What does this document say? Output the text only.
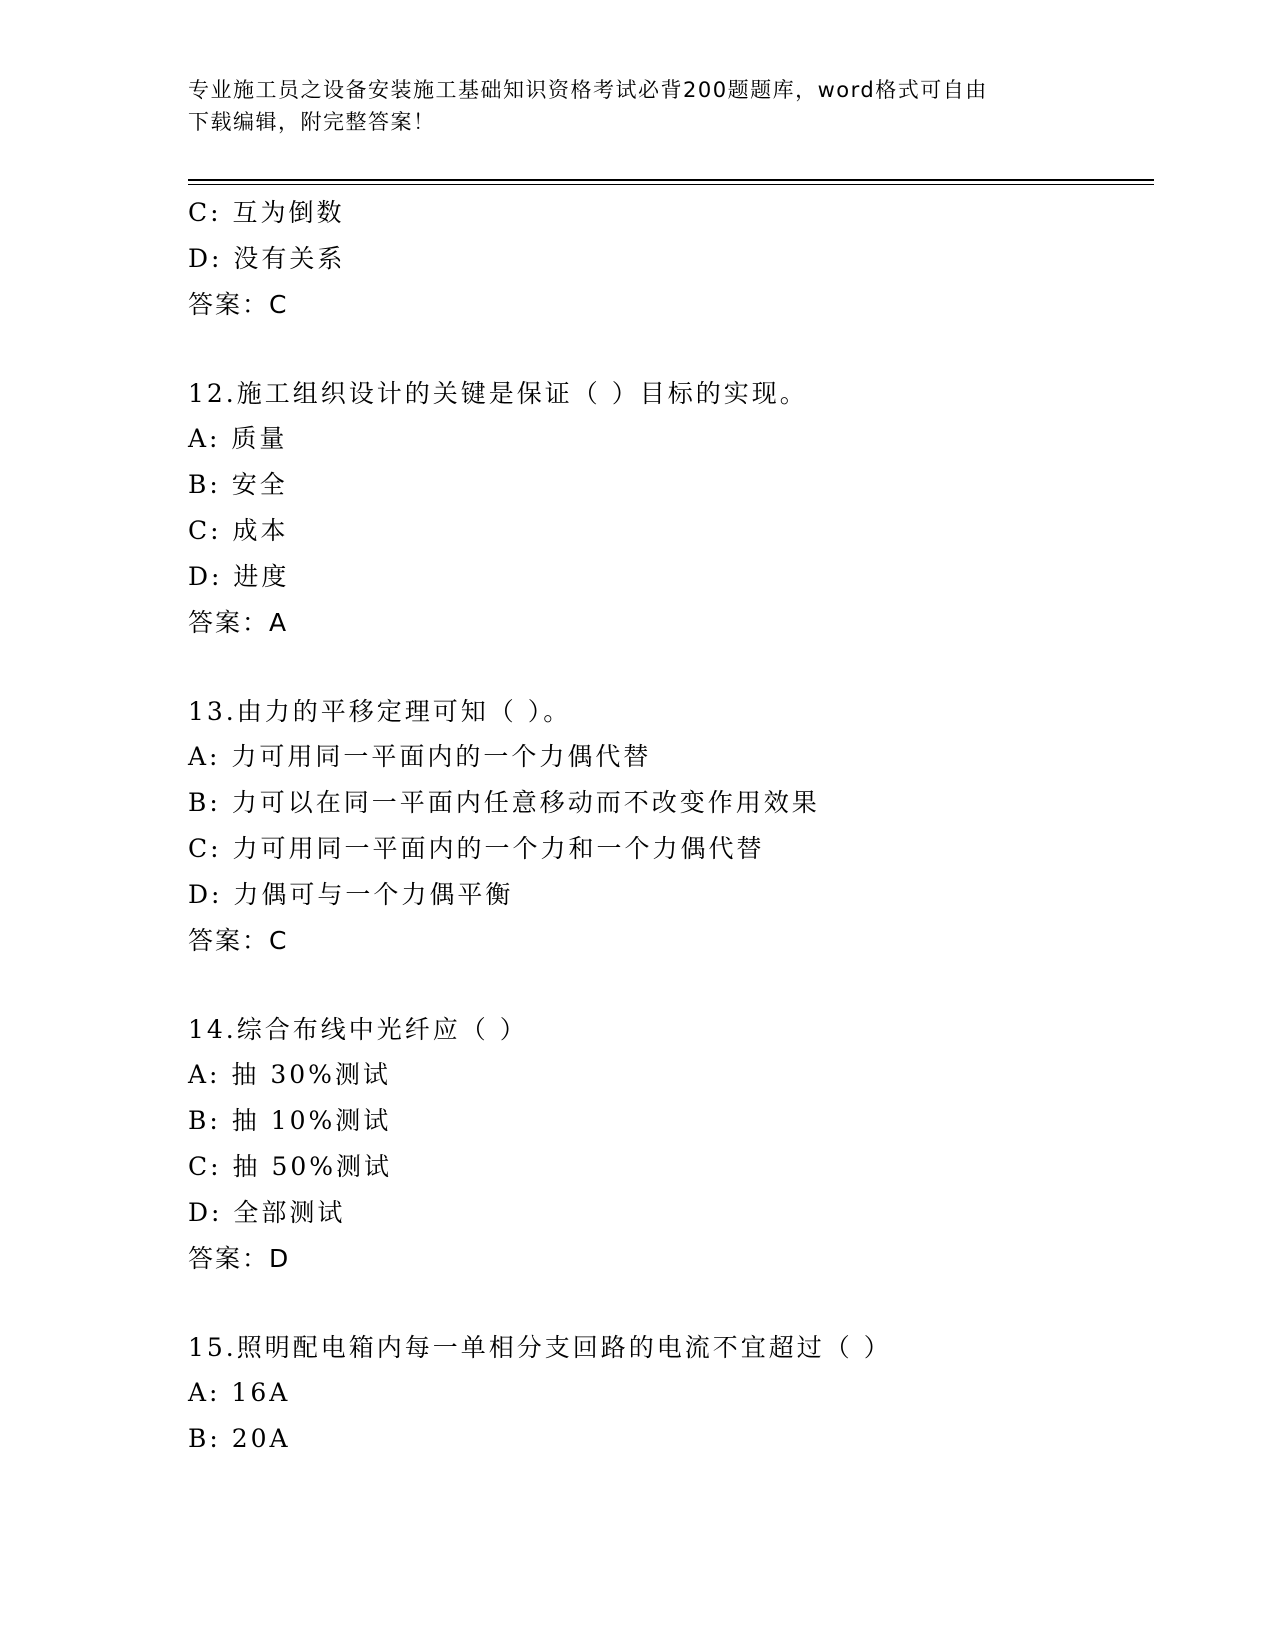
专业施工员之设备安装施工基础知识资格考试必背200题题库，word格式可自由
下载编辑，附完整答案！
C: 互为倒数
D: 没有关系
答案：C
12.施工组织设计的关键是保证（ ）目标的实现。
A: 质量
B: 安全
C: 成本
D: 进度
答案：A
13.由力的平移定理可知（ ）。
A: 力可用同一平面内的一个力偶代替
B: 力可以在同一平面内任意移动而不改变作用效果
C: 力可用同一平面内的一个力和一个力偶代替
D: 力偶可与一个力偶平衡
答案：C
14.综合布线中光纤应（ ）
A: 抽 30%测试
B: 抽 10%测试
C: 抽 50%测试
D: 全部测试
答案：D
15.照明配电箱内每一单相分支回路的电流不宜超过（ ）
A: 16A
B: 20A
